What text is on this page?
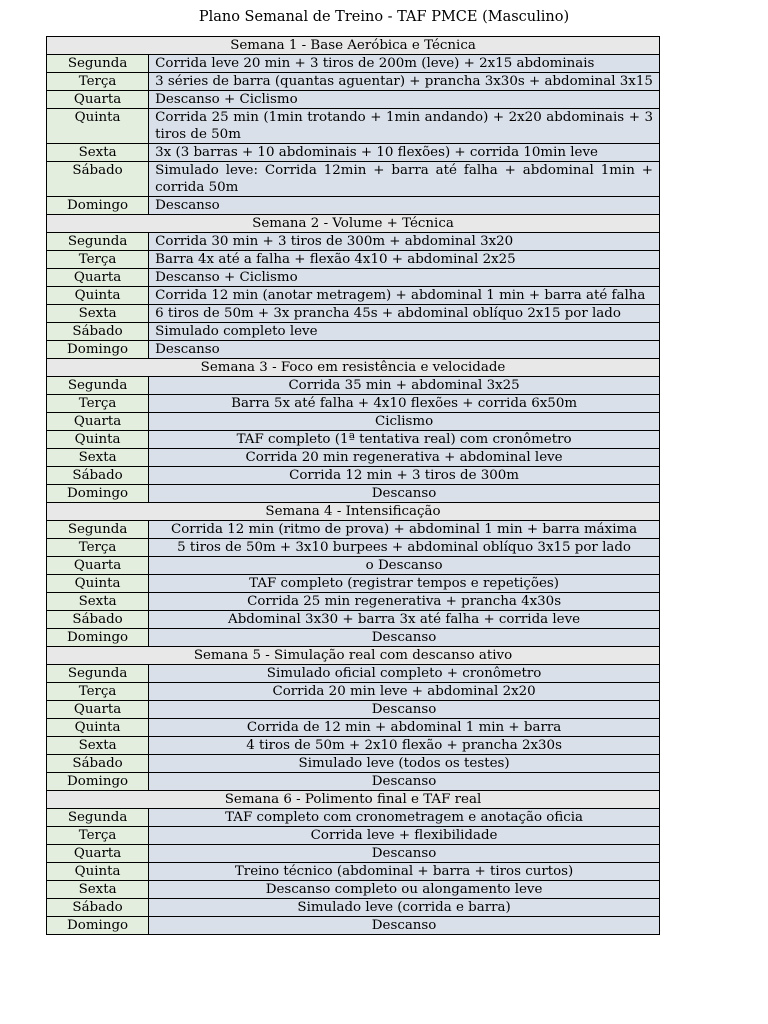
Plano Semanal de Treino - TAF PMCE (Masculino)
Semana 1 - Base Aeróbica e Técnica	
Segunda	Corrida leve 20 min + 3 tiros de 200m (leve) + 2x15 abdominais
Terça	3 séries de barra (quantas aguentar) + prancha 3x30s + abdominal 3x15
Quarta	Descanso + Ciclismo
Quinta	Corrida 25 min (1min trotando + 1min andando) + 2x20 abdominais + 3 tiros de 50m
Sexta	3x (3 barras + 10 abdominais + 10 flexões) + corrida 10min leve
Sábado	Simulado leve: Corrida 12min + barra até falha + abdominal 1min + corrida 50m
Domingo	Descanso
Semana 2 - Volume + Técnica	
Segunda	Corrida 30 min + 3 tiros de 300m + abdominal 3x20
Terça	Barra 4x até a falha + flexão 4x10 + abdominal 2x25
Quarta	Descanso + Ciclismo
Quinta	Corrida 12 min (anotar metragem) + abdominal 1 min + barra até falha
Sexta	6 tiros de 50m + 3x prancha 45s + abdominal oblíquo 2x15 por lado
Sábado	Simulado completo leve
Domingo	Descanso
Semana 3 - Foco em resistência e velocidade	
Segunda	Corrida 35 min + abdominal 3x25
Terça	Barra 5x até falha + 4x10 flexões + corrida 6x50m
Quarta	Ciclismo
Quinta	TAF completo (1ª tentativa real) com cronômetro
Sexta	Corrida 20 min regenerativa + abdominal leve
Sábado	Corrida 12 min + 3 tiros de 300m
Domingo	Descanso
Semana 4 - Intensificação	
Segunda	Corrida 12 min (ritmo de prova) + abdominal 1 min + barra máxima
Terça	5 tiros de 50m + 3x10 burpees + abdominal oblíquo 3x15 por lado
Quarta	o Descanso
Quinta	TAF completo (registrar tempos e repetições)
Sexta	Corrida 25 min regenerativa + prancha 4x30s
Sábado	Abdominal 3x30 + barra 3x até falha + corrida leve
Domingo	Descanso
Semana 5 - Simulação real com descanso ativo	
Segunda	Simulado oficial completo + cronômetro
Terça	Corrida 20 min leve + abdominal 2x20
Quarta	Descanso
Quinta	Corrida de 12 min + abdominal 1 min + barra
Sexta	4 tiros de 50m + 2x10 flexão + prancha 2x30s
Sábado	Simulado leve (todos os testes)
Domingo	Descanso
Semana 6 - Polimento final e TAF real	
Segunda	TAF completo com cronometragem e anotação oficia
Terça	Corrida leve + flexibilidade
Quarta	Descanso
Quinta	Treino técnico (abdominal + barra + tiros curtos)
Sexta	Descanso completo ou alongamento leve
Sábado	Simulado leve (corrida e barra)
Domingo	Descanso
